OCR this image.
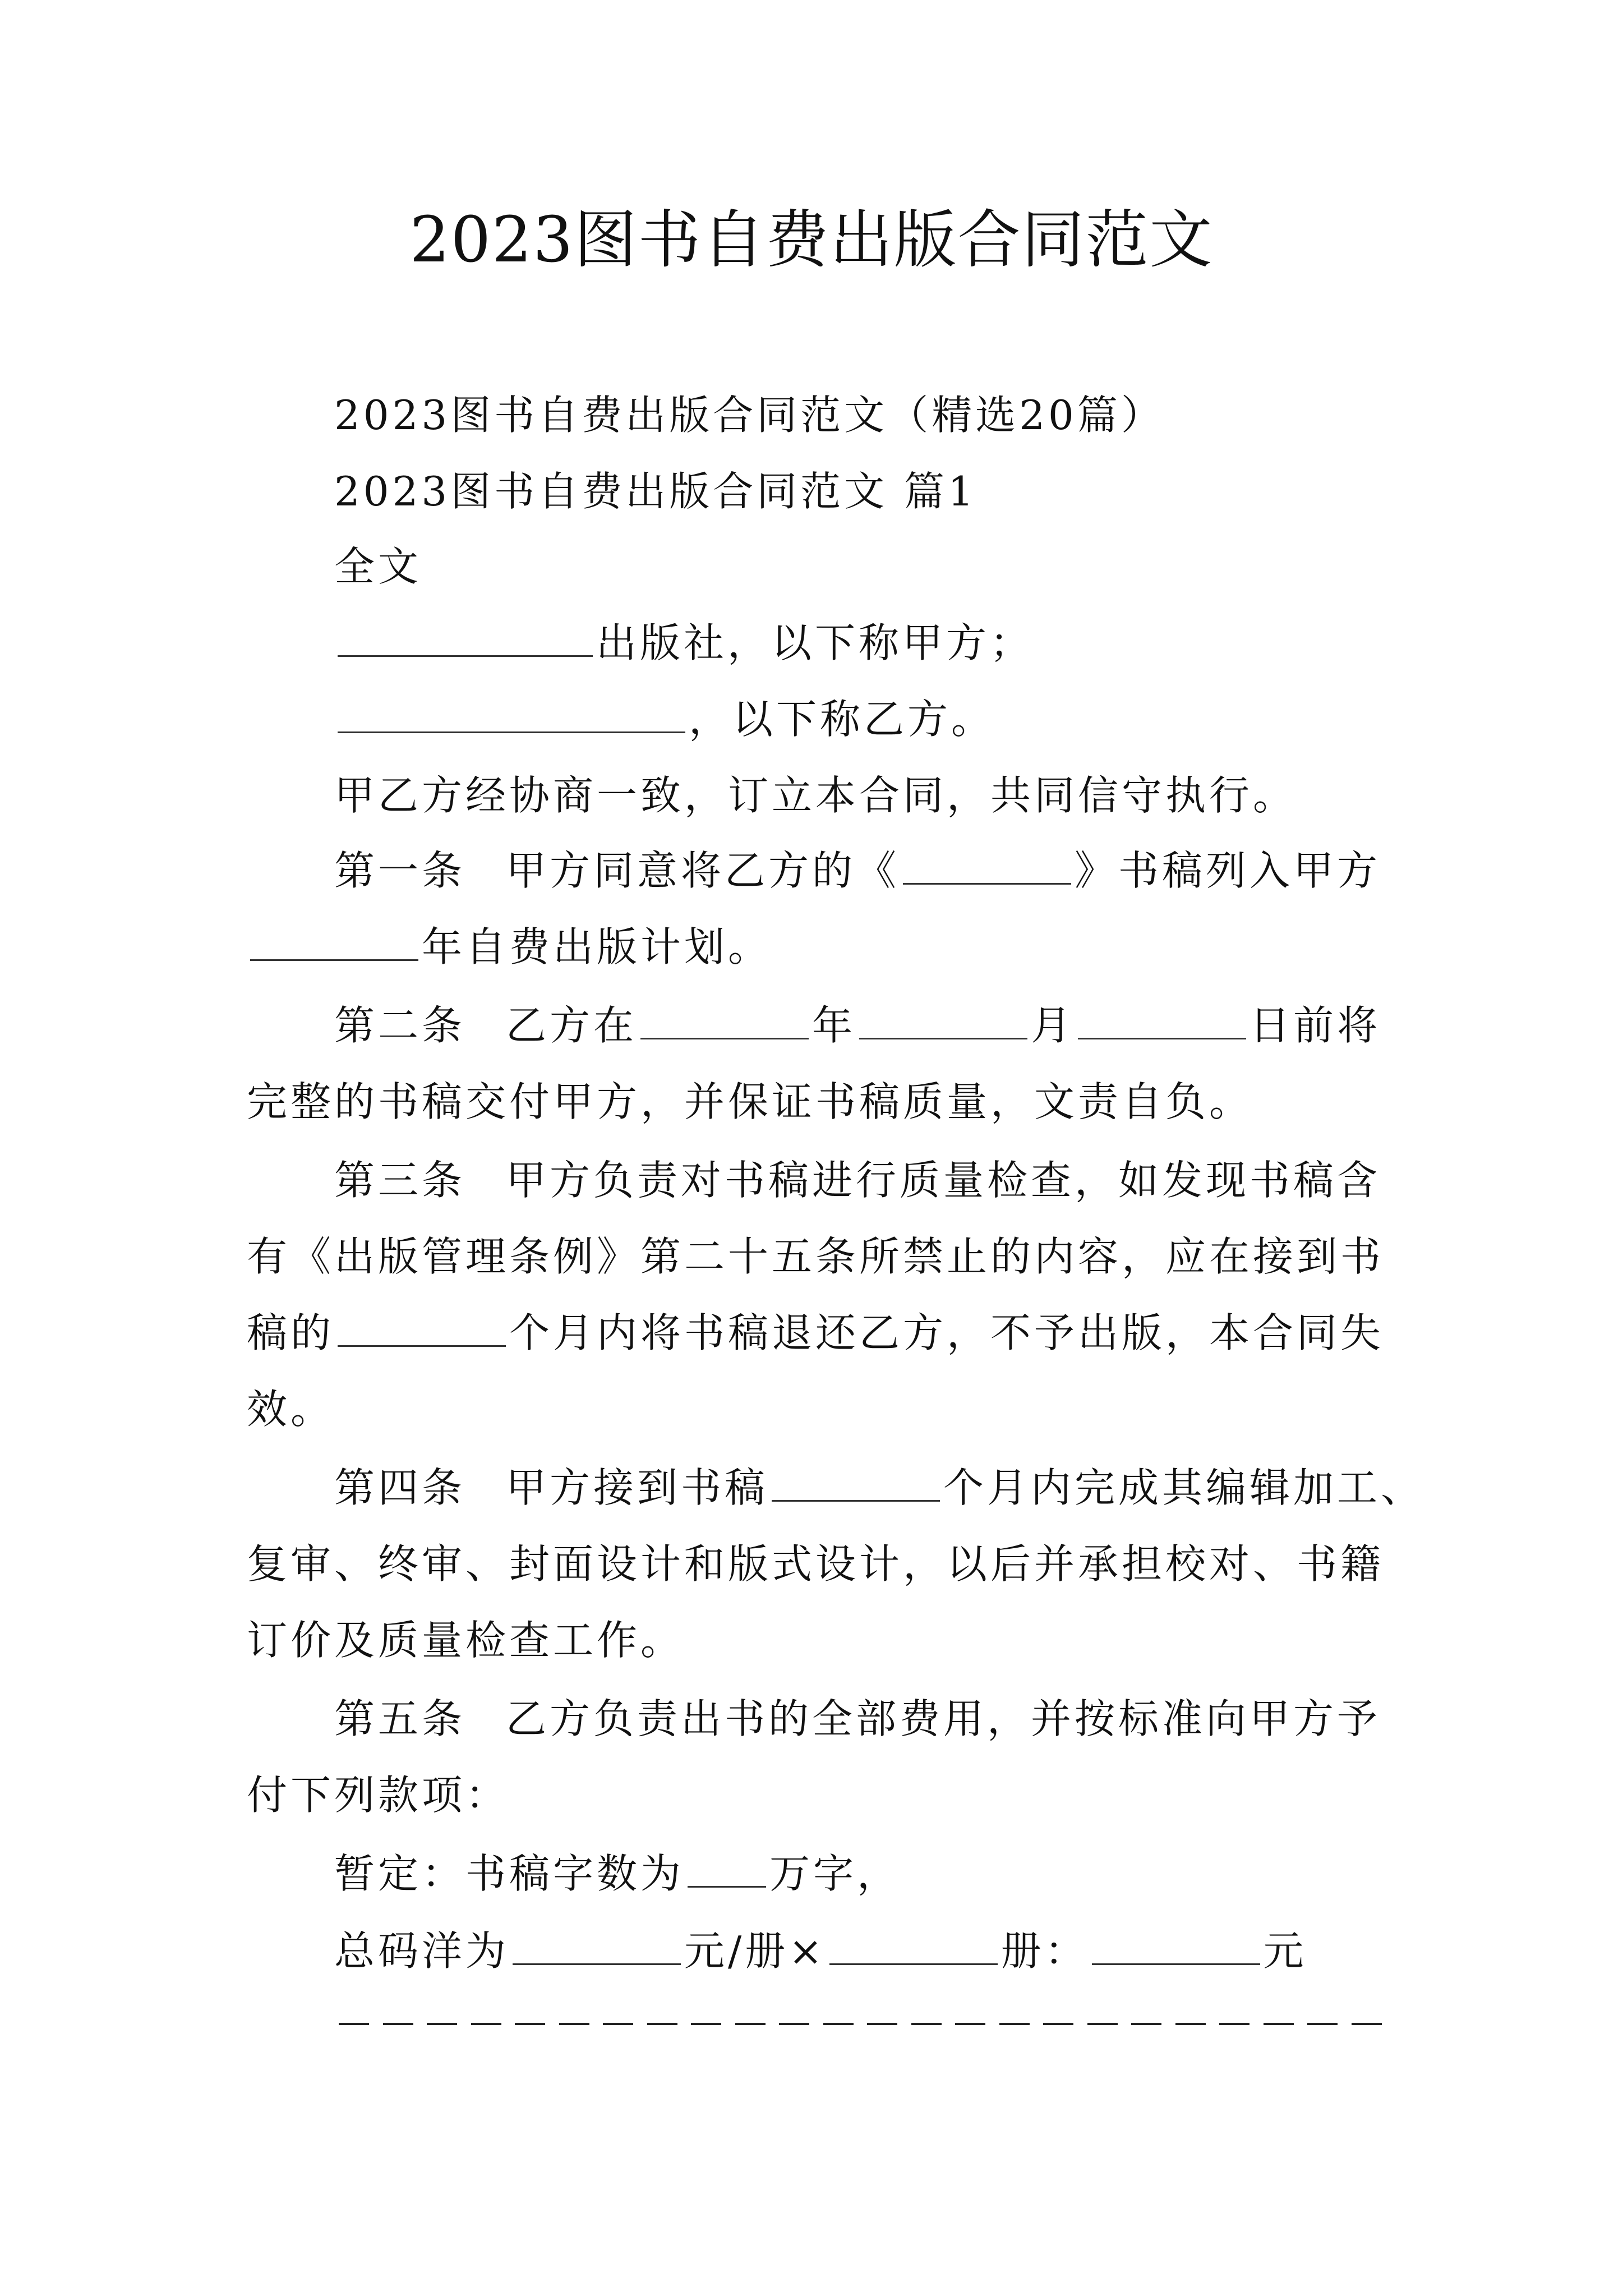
2023图书自费出版合同范文
2023图书自费出版合同范文（精选20篇）
2023图书自费出版合同范文 篇1
全文
出版社，以下称甲方；
，以下称乙方。
甲乙方经协商一致，订立本合同，共同信守执行。
第一条 甲方同意将乙方的《	》书稿列入甲方
年自费出版计划。
第二条 乙方在	年	月	日前将
完整的书稿交付甲方，并保证书稿质量，文责自负。
第三条 甲方负责对书稿进行质量检查，如发现书稿含
有《出版管理条例》第二十五条所禁止的内容，应在接到书
稿的	个月内将书稿退还乙方，不予出版，本合同失
效。
第四条 甲方接到书稿	个月内完成其编辑加工、
复审、终审、封面设计和版式设计，以后并承担校对、书籍
订价及质量检查工作。
第五条 乙方负责出书的全部费用，并按标准向甲方予
付下列款项：
暂定：书稿字数为 万字，
总码洋为	元/册×	册：	元
